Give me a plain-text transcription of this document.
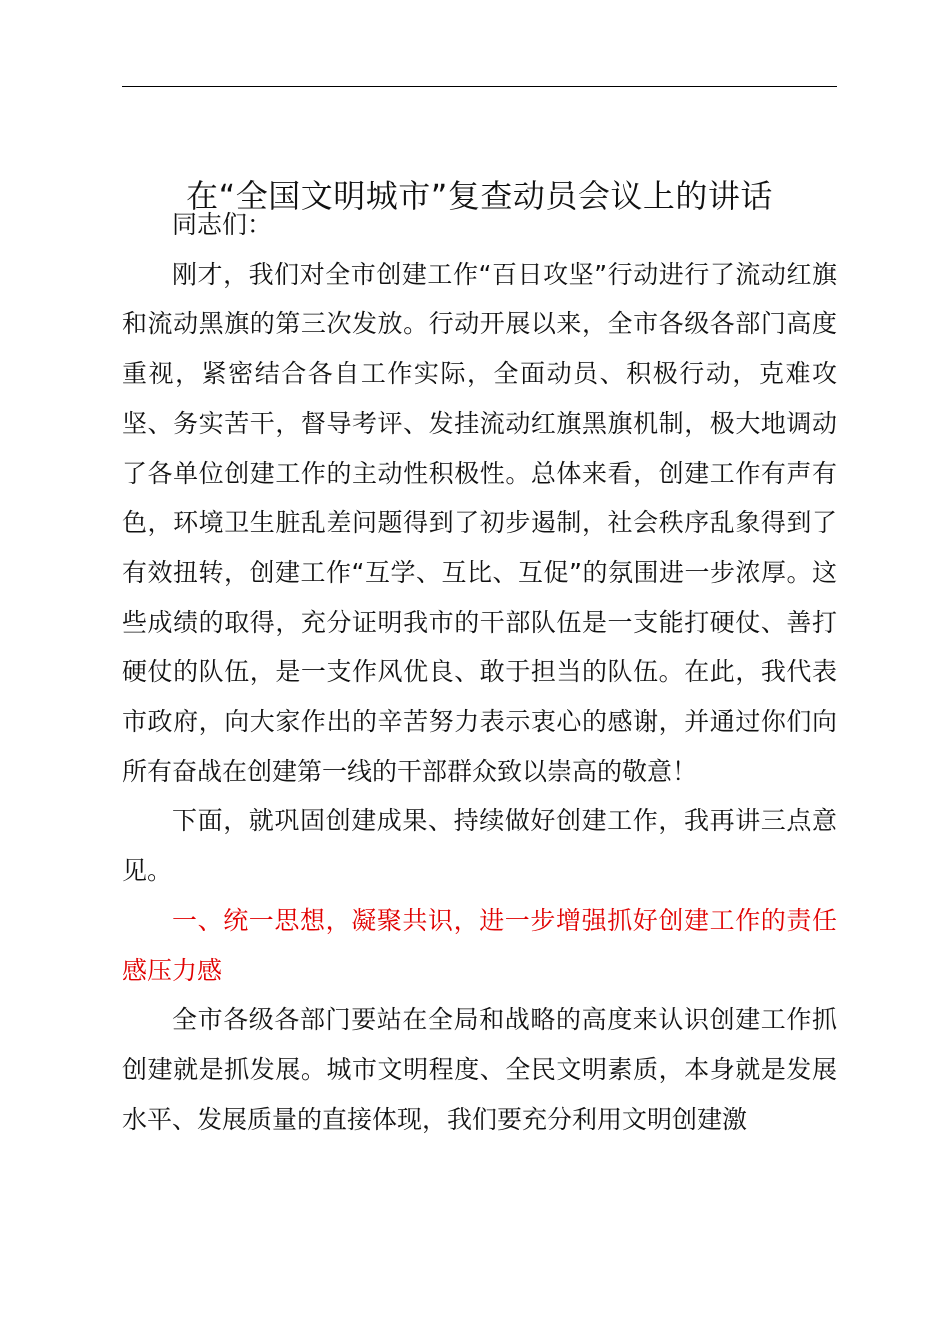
在“全国文明城市”复查动员会议上的讲话

同志们：

刚才，我们对全市创建工作“百日攻坚”行动进行了流动红旗和流动黑旗的第三次发放。行动开展以来，全市各级各部门高度重视，紧密结合各自工作实际，全面动员、积极行动，克难攻坚、务实苦干，督导考评、发挂流动红旗黑旗机制，极大地调动了各单位创建工作的主动性积极性。总体来看，创建工作有声有色，环境卫生脏乱差问题得到了初步遏制，社会秩序乱象得到了有效扭转，创建工作“互学、互比、互促”的氛围进一步浓厚。这些成绩的取得，充分证明我市的干部队伍是一支能打硬仗、善打硬仗的队伍，是一支作风优良、敢于担当的队伍。在此，我代表市政府，向大家作出的辛苦努力表示衷心的感谢，并通过你们向所有奋战在创建第一线的干部群众致以崇高的敬意！

下面，就巩固创建成果、持续做好创建工作，我再讲三点意见。

一、统一思想，凝聚共识，进一步增强抓好创建工作的责任感压力感

全市各级各部门要站在全局和战略的高度来认识创建工作抓创建就是抓发展。城市文明程度、全民文明素质，本身就是发展水平、发展质量的直接体现，我们要充分利用文明创建激
